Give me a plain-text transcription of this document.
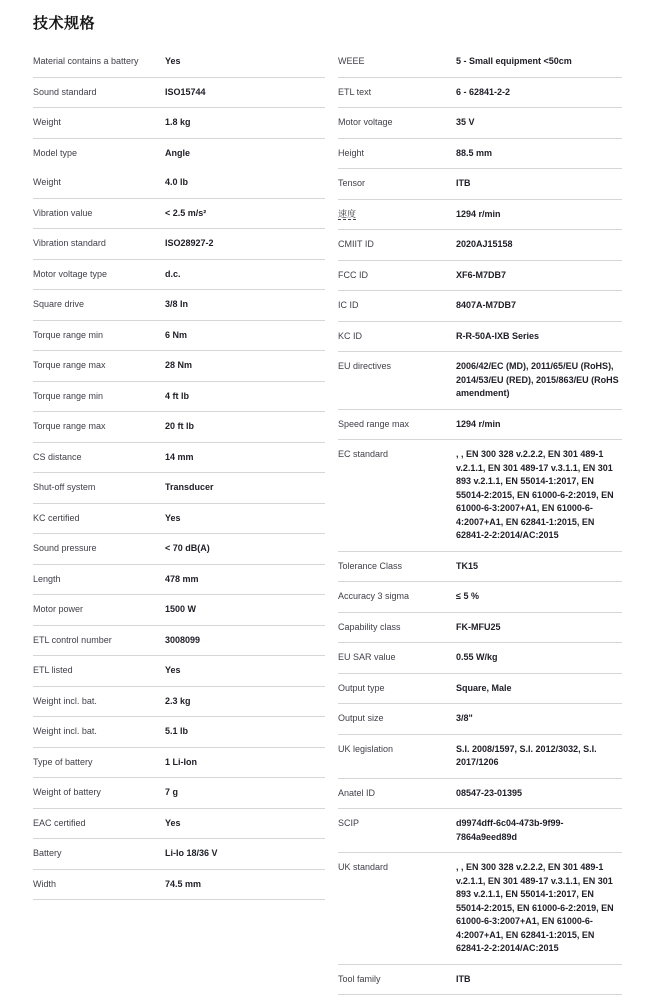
技术规格
Material contains a battery	Yes
Sound standard	ISO15744
Weight	1.8 kg
Model type	Angle
Weight	4.0 lb
Vibration value	< 2.5 m/s²
Vibration standard	ISO28927-2
Motor voltage type	d.c.
Square drive	3/8 In
Torque range min	6 Nm
Torque range max	28 Nm
Torque range min	4 ft lb
Torque range max	20 ft lb
CS distance	14 mm
Shut-off system	Transducer
KC certified	Yes
Sound pressure	< 70 dB(A)
Length	478 mm
Motor power	1500 W
ETL control number	3008099
ETL listed	Yes
Weight incl. bat.	2.3 kg
Weight incl. bat.	5.1 lb
Type of battery	1 Li-Ion
Weight of battery	7 g
EAC certified	Yes
Battery	Li-Io 18/36 V
Width	74.5 mm
WEEE	5 - Small equipment <50cm
ETL text	6 - 62841-2-2
Motor voltage	35 V
Height	88.5 mm
Tensor	ITB
速度	1294 r/min
CMIIT ID	2020AJ15158
FCC ID	XF6-M7DB7
IC ID	8407A-M7DB7
KC ID	R-R-50A-IXB Series
EU directives	2006/42/EC (MD), 2011/65/EU (RoHS), 2014/53/EU (RED), 2015/863/EU (RoHS amendment)
Speed range max	1294 r/min
EC standard	, , EN 300 328 v.2.2.2, EN 301 489-1 v.2.1.1, EN 301 489-17 v.3.1.1, EN 301 893 v.2.1.1, EN 55014-1:2017, EN 55014-2:2015, EN 61000-6-2:2019, EN 61000-6-3:2007+A1, EN 61000-6-4:2007+A1, EN 62841-1:2015, EN 62841-2-2:2014/AC:2015
Tolerance Class	TK15
Accuracy 3 sigma	≤ 5 %
Capability class	FK-MFU25
EU SAR value	0.55 W/kg
Output type	Square, Male
Output size	3/8"
UK legislation	S.I. 2008/1597, S.I. 2012/3032, S.I. 2017/1206
Anatel ID	08547-23-01395
SCIP	d9974dff-6c04-473b-9f99-7864a9eed89d
UK standard	, , EN 300 328 v.2.2.2, EN 301 489-1 v.2.1.1, EN 301 489-17 v.3.1.1, EN 301 893 v.2.1.1, EN 55014-1:2017, EN 55014-2:2015, EN 61000-6-2:2019, EN 61000-6-3:2007+A1, EN 61000-6-4:2007+A1, EN 62841-1:2015, EN 62841-2-2:2014/AC:2015
Tool family	ITB
